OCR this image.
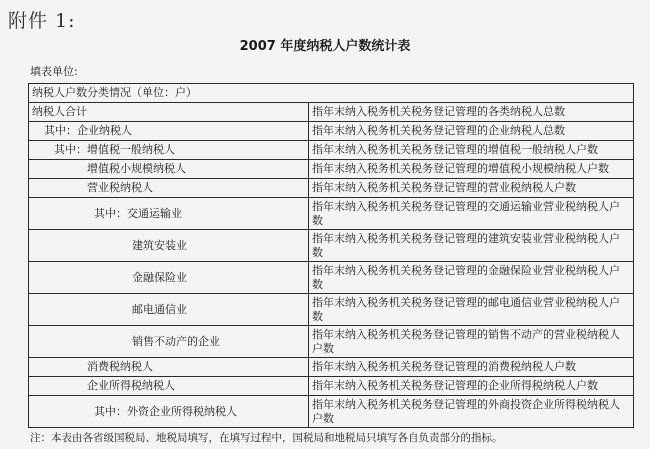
附件 1:
2007 年度纳税人户数统计表
填表单位:
纳税人户数分类情况（单位：户）	
纳税人合计	指年末纳入税务机关税务登记管理的各类纳税人总数
其中：企业纳税人	指年末纳入税务机关税务登记管理的企业纳税人总数
其中：增值税一般纳税人	指年末纳入税务机关税务登记管理的增值税一般纳税人户数
增值税小规模纳税人	指年末纳入税务机关税务登记管理的增值税小规模纳税人户数
营业税纳税人	指年末纳入税务机关税务登记管理的营业税纳税人户数
其中：交通运输业	指年末纳入税务机关税务登记管理的交通运输业营业税纳税人户数
建筑安装业	指年末纳入税务机关税务登记管理的建筑安装业营业税纳税人户数
金融保险业	指年末纳入税务机关税务登记管理的金融保险业营业税纳税人户数
邮电通信业	指年末纳入税务机关税务登记管理的邮电通信业营业税纳税人户数
销售不动产的企业	指年末纳入税务机关税务登记管理的销售不动产的营业税纳税人户数
消费税纳税人	指年末纳入税务机关税务登记管理的消费税纳税人户数
企业所得税纳税人	指年末纳入税务机关税务登记管理的企业所得税纳税人户数
其中：外资企业所得税纳税人	指年末纳入税务机关税务登记管理的外商投资企业所得税纳税人户数
注：本表由各省级国税局、地税局填写，在填写过程中，国税局和地税局只填写各自负责部分的指标。
